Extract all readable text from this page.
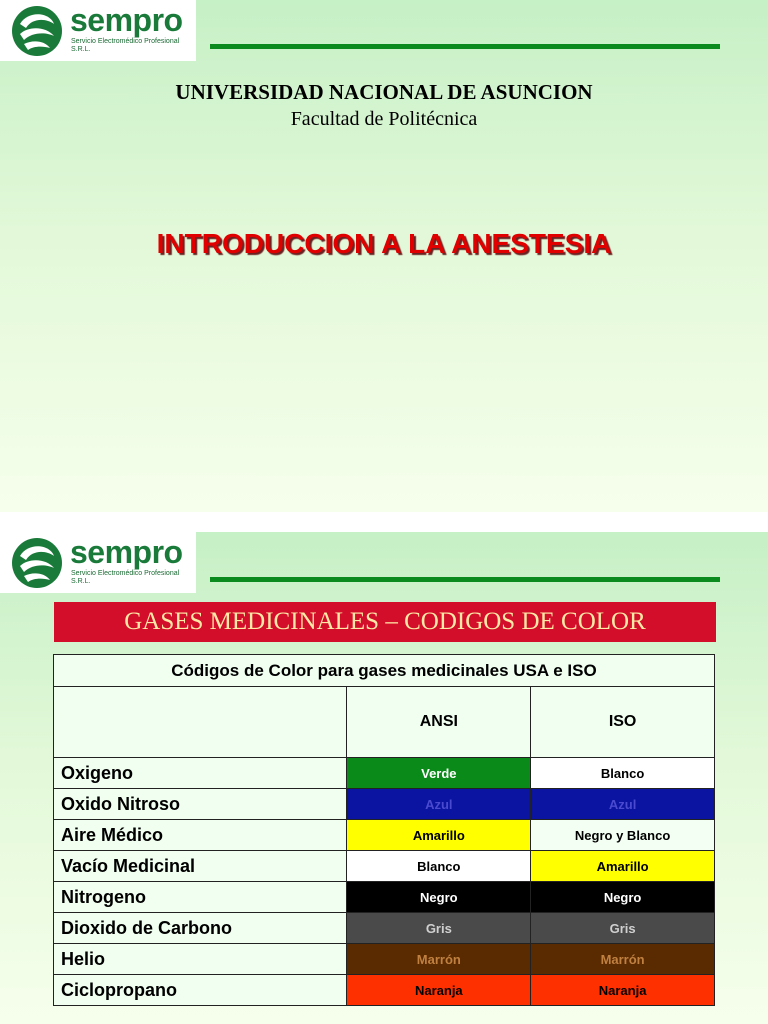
sempro
Servicio Electromédico Profesional S.R.L.
UNIVERSIDAD NACIONAL DE ASUNCION
Facultad de Politécnica
INTRODUCCION A LA ANESTESIA
sempro
Servicio Electromédico Profesional S.R.L.
GASES MEDICINALES – CODIGOS DE COLOR
Códigos de Color para gases medicinales USA e ISO		
	ANSI	ISO
Oxigeno	Verde	Blanco
Oxido Nitroso	Azul	Azul
Aire Médico	Amarillo	Negro y Blanco
Vacío Medicinal	Blanco	Amarillo
Nitrogeno	Negro	Negro
Dioxido de Carbono	Gris	Gris
Helio	Marrón	Marrón
Ciclopropano	Naranja	Naranja
